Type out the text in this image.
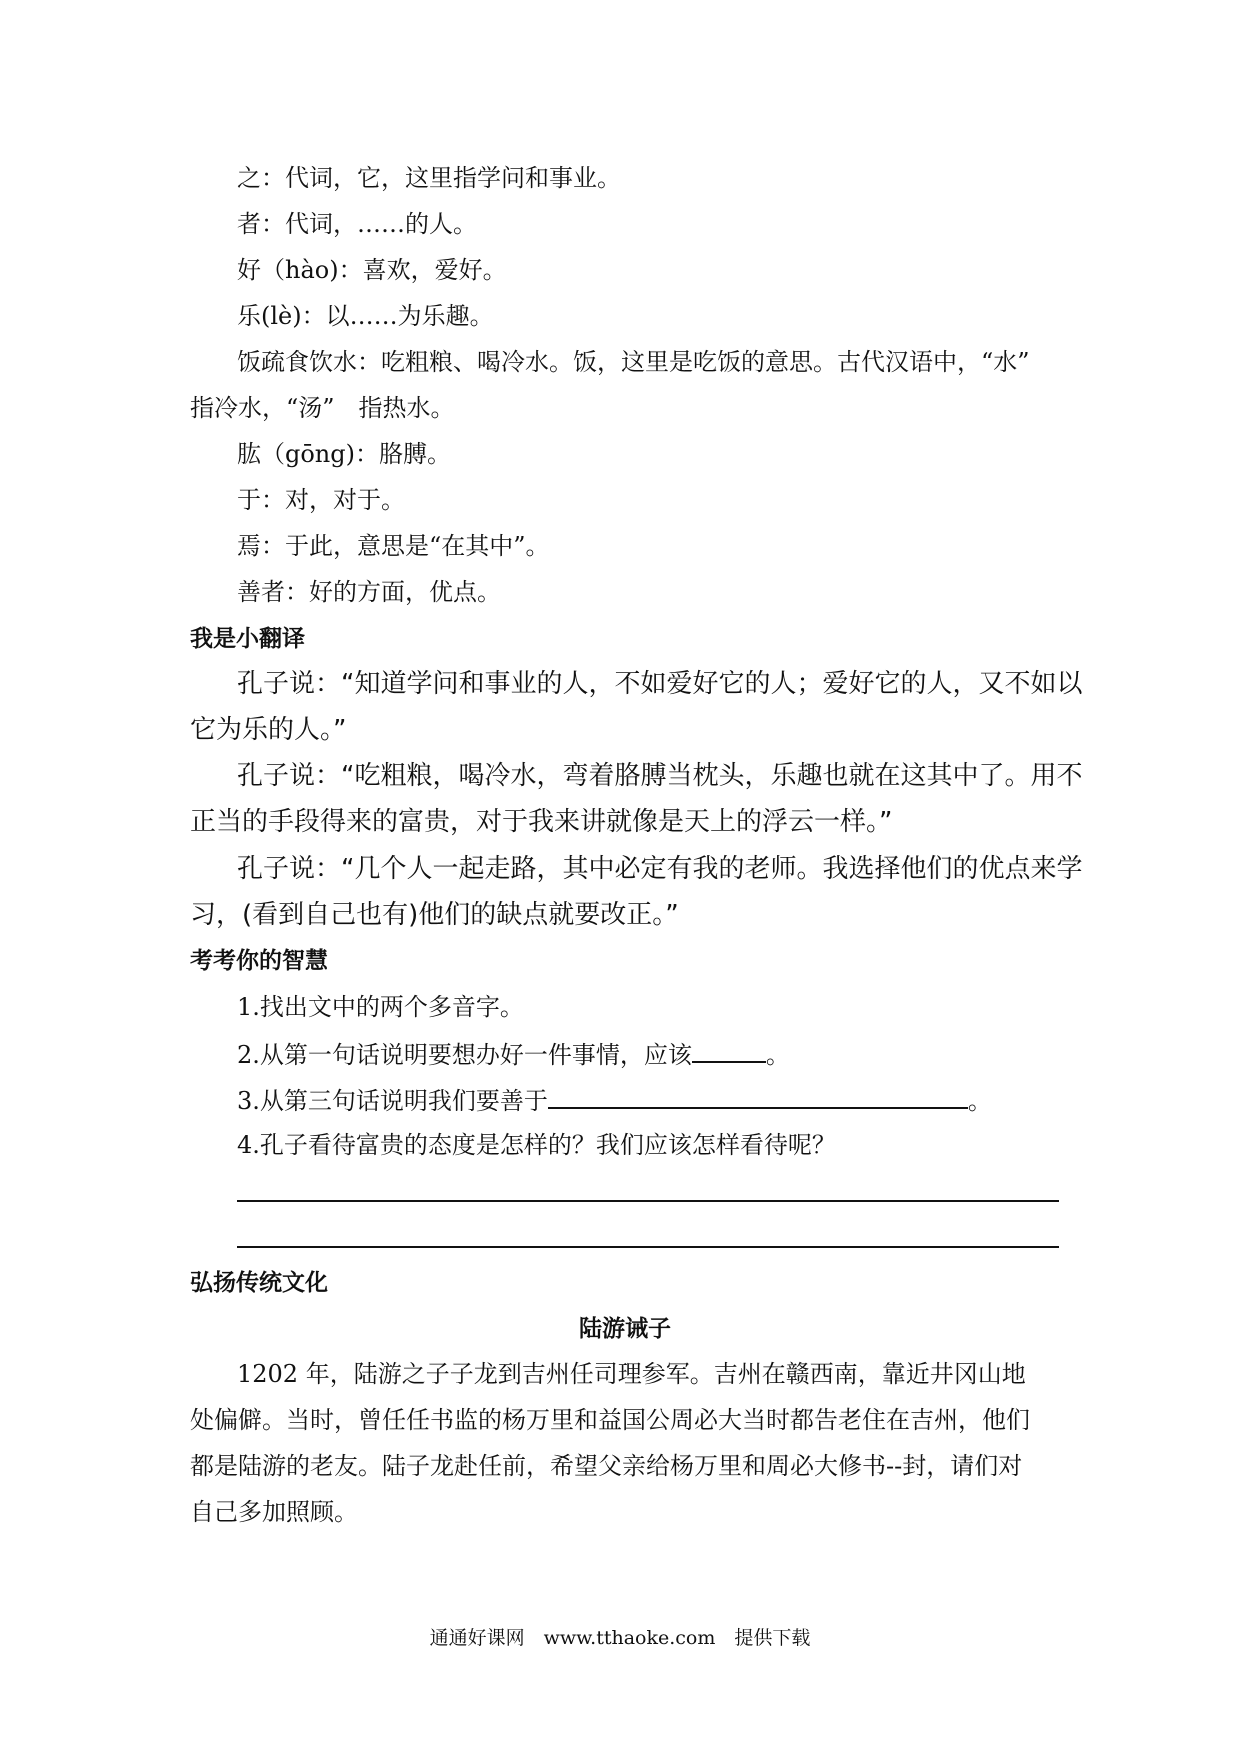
之：代词，它，这里指学问和事业。
者：代词，……的人。
好（hào)：喜欢，爱好。
乐(lè)：以……为乐趣。
饭疏食饮水：吃粗粮、喝冷水。饭，这里是吃饭的意思。古代汉语中，“水”
指冷水，“汤”　指热水。
肱（gōng)：胳膊。
于：对，对于。
焉：于此，意思是“在其中”。
善者：好的方面，优点。
我是小翻译
孔子说：“知道学问和事业的人，不如爱好它的人；爱好它的人，又不如以
它为乐的人。”
孔子说：“吃粗粮，喝冷水，弯着胳膊当枕头，乐趣也就在这其中了。用不
正当的手段得来的富贵，对于我来讲就像是天上的浮云一样。”
孔子说：“几个人一起走路，其中必定有我的老师。我选择他们的优点来学
习，(看到自己也有)他们的缺点就要改正。”
考考你的智慧
1.找出文中的两个多音字。
2.从第一句话说明要想办好一件事情，应该	。
3.从第三句话说明我们要善于	。
4.孔子看待富贵的态度是怎样的？我们应该怎样看待呢？
弘扬传统文化
陆游诫子
1202 年，陆游之子子龙到吉州任司理参军。吉州在赣西南，靠近井冈山地
处偏僻。当时，曾任任书监的杨万里和益国公周必大当时都告老住在吉州，他们
都是陆游的老友。陆子龙赴任前，希望父亲给杨万里和周必大修书--封，请们对
自己多加照顾。
通通好课网　www.tthaoke.com　提供下载
